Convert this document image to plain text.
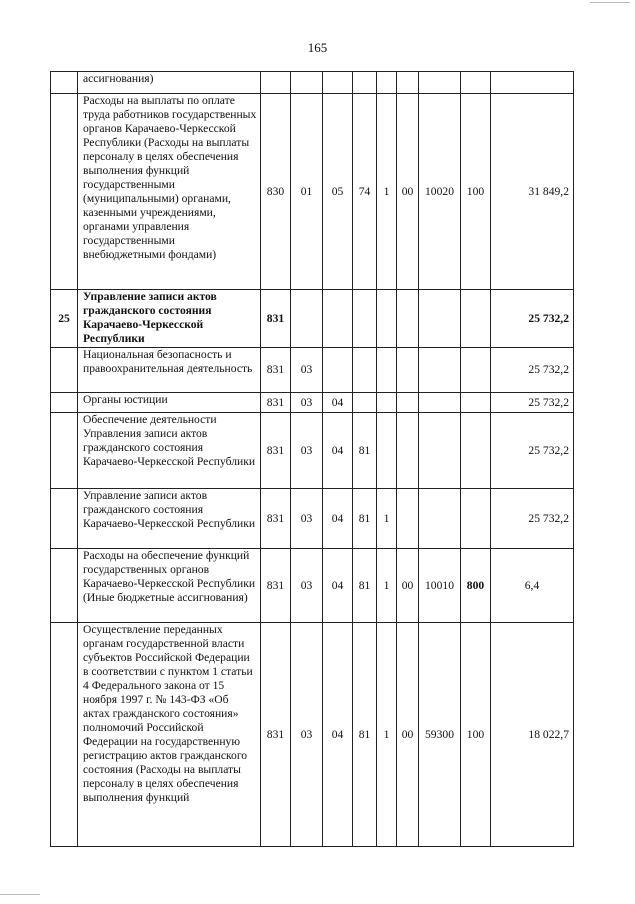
165
	ассигнования)									
	Расходы на выплаты по оплате труда работников государственных органов Карачаево-Черкесской Республики (Расходы на выплаты персоналу в целях обеспечения выполнения функций государственными (муниципальными) органами, казенными учреждениями, органами управления государственными внебюджетными фондами)	830	01	05	74	1	00	10020	100	31 849,2
25	Управление записи актов гражданского состояния Карачаево-Черкесской Республики	831								25 732,2
	Национальная безопасность и правоохранительная деятельность	831	03							25 732,2
	Органы юстиции	831	03	04						25 732,2
	Обеспечение деятельности Управления записи актов гражданского состояния Карачаево-Черкесской Республики	831	03	04	81					25 732,2
	Управление записи актов гражданского состояния Карачаево-Черкесской Республики	831	03	04	81	1				25 732,2
	Расходы на обеспечение функций государственных органов Карачаево-Черкесской Республики (Иные бюджетные ассигнования)	831	03	04	81	1	00	10010	800	6,4
	Осуществление переданных органам государственной власти субъектов Российской Федерации в соответствии с пунктом 1 статьи 4 Федерального закона от 15 ноября 1997 г. № 143-ФЗ «Об актах гражданского состояния» полномочий Российской Федерации на государственную регистрацию актов гражданского состояния (Расходы на выплаты персоналу в целях обеспечения выполнения функций	831	03	04	81	1	00	59300	100	18 022,7
